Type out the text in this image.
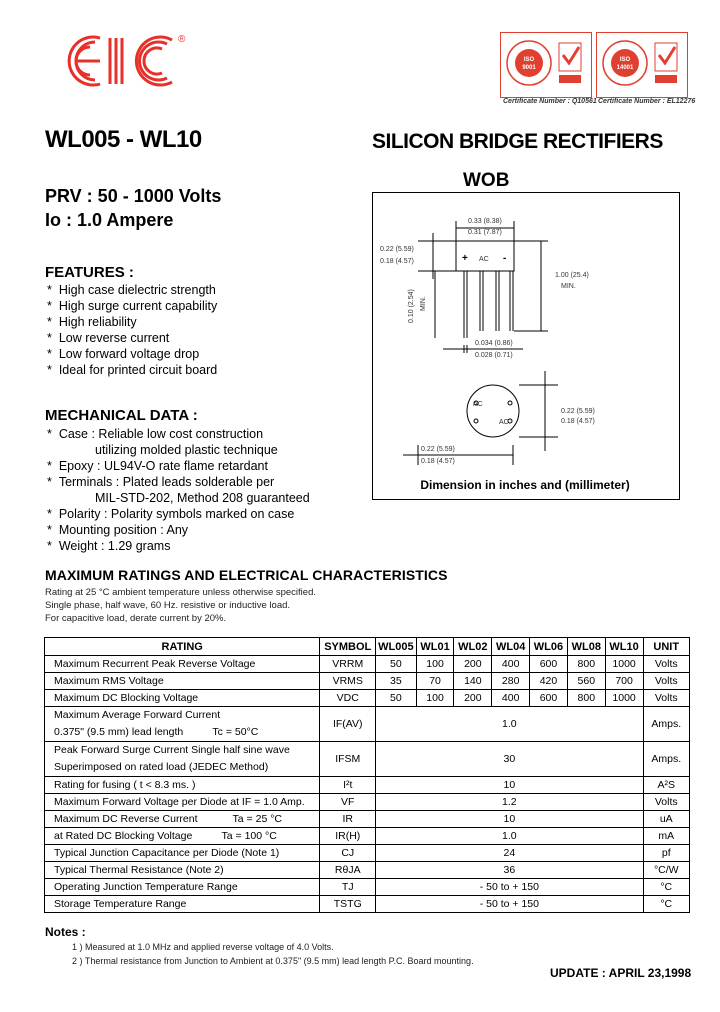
®
ISO
9001
Certificate Number : Q10561
ISO
14001
Certificate Number : EL12276
WL005 - WL10	SILICON BRIDGE RECTIFIERS
WOB
PRV : 50 - 1000 Volts
Io : 1.0 Ampere
FEATURES :
*  High case dielectric strength
*  High surge current capability
*  High reliability
*  Low reverse current
*  Low forward voltage drop
*  Ideal for printed circuit board
MECHANICAL DATA :
*  Case : Reliable low cost construction
utilizing molded plastic technique
*  Epoxy : UL94V-O rate flame retardant
*  Terminals : Plated leads solderable per
MIL-STD-202, Method 208 guaranteed
*  Polarity : Polarity symbols marked on case
*  Mounting position : Any
*  Weight : 1.29 grams
0.33 (8.38)
0.31 (7.87)
0.22 (5.59)
0.18 (4.57)
1.00 (25.4)
MIN.
0.10 (2.54) MIN.
0.034 (0.86)
0.028 (0.71)
0.22 (5.59)
0.18 (4.57)
0.22 (5.59)
0.18 (4.57)
+ AC -
AC
AC
Dimension in inches and (millimeter)
MAXIMUM RATINGS AND ELECTRICAL CHARACTERISTICS
Rating at 25 °C ambient temperature unless otherwise specified.
Single phase, half wave, 60 Hz. resistive or inductive load.
For capacitive load, derate current by 20%.
RATING	SYMBOL	WL005	WL01	WL02	WL04	WL06	WL08	WL10	UNIT
Maximum Recurrent Peak Reverse Voltage	VRRM	50	100	200	400	600	800	1000	Volts
Maximum RMS Voltage	VRMS	35	70	140	280	420	560	700	Volts
Maximum DC Blocking Voltage	VDC	50	100	200	400	600	800	1000	Volts

Maximum Average Forward Current
0.375" (9.5 mm) lead length Tc = 50°C	IF(AV)	1.0							Amps.

Peak Forward Surge Current Single half sine wave
Superimposed on rated load (JEDEC Method)	IFSM	30							Amps.
Rating for fusing ( t < 8.3 ms. )	I²t	10							A²S
Maximum Forward Voltage per Diode at IF = 1.0 Amp.	VF	1.2							Volts
Maximum DC Reverse Current Ta = 25 °C	IR	10							uA
at Rated DC Blocking Voltage Ta = 100 °C	IR(H)	1.0							mA
Typical Junction Capacitance per Diode (Note 1)	CJ	24							pf
Typical Thermal Resistance (Note 2)	RθJA	36							°C/W
Operating Junction Temperature Range	TJ	- 50 to + 150							°C
Storage Temperature Range	TSTG	- 50 to + 150							°C
Notes :
1 ) Measured at 1.0 MHz and applied reverse voltage of 4.0 Volts.
2 ) Thermal resistance from Junction to Ambient at 0.375" (9.5 mm) lead length P.C. Board mounting.
UPDATE : APRIL 23,1998
